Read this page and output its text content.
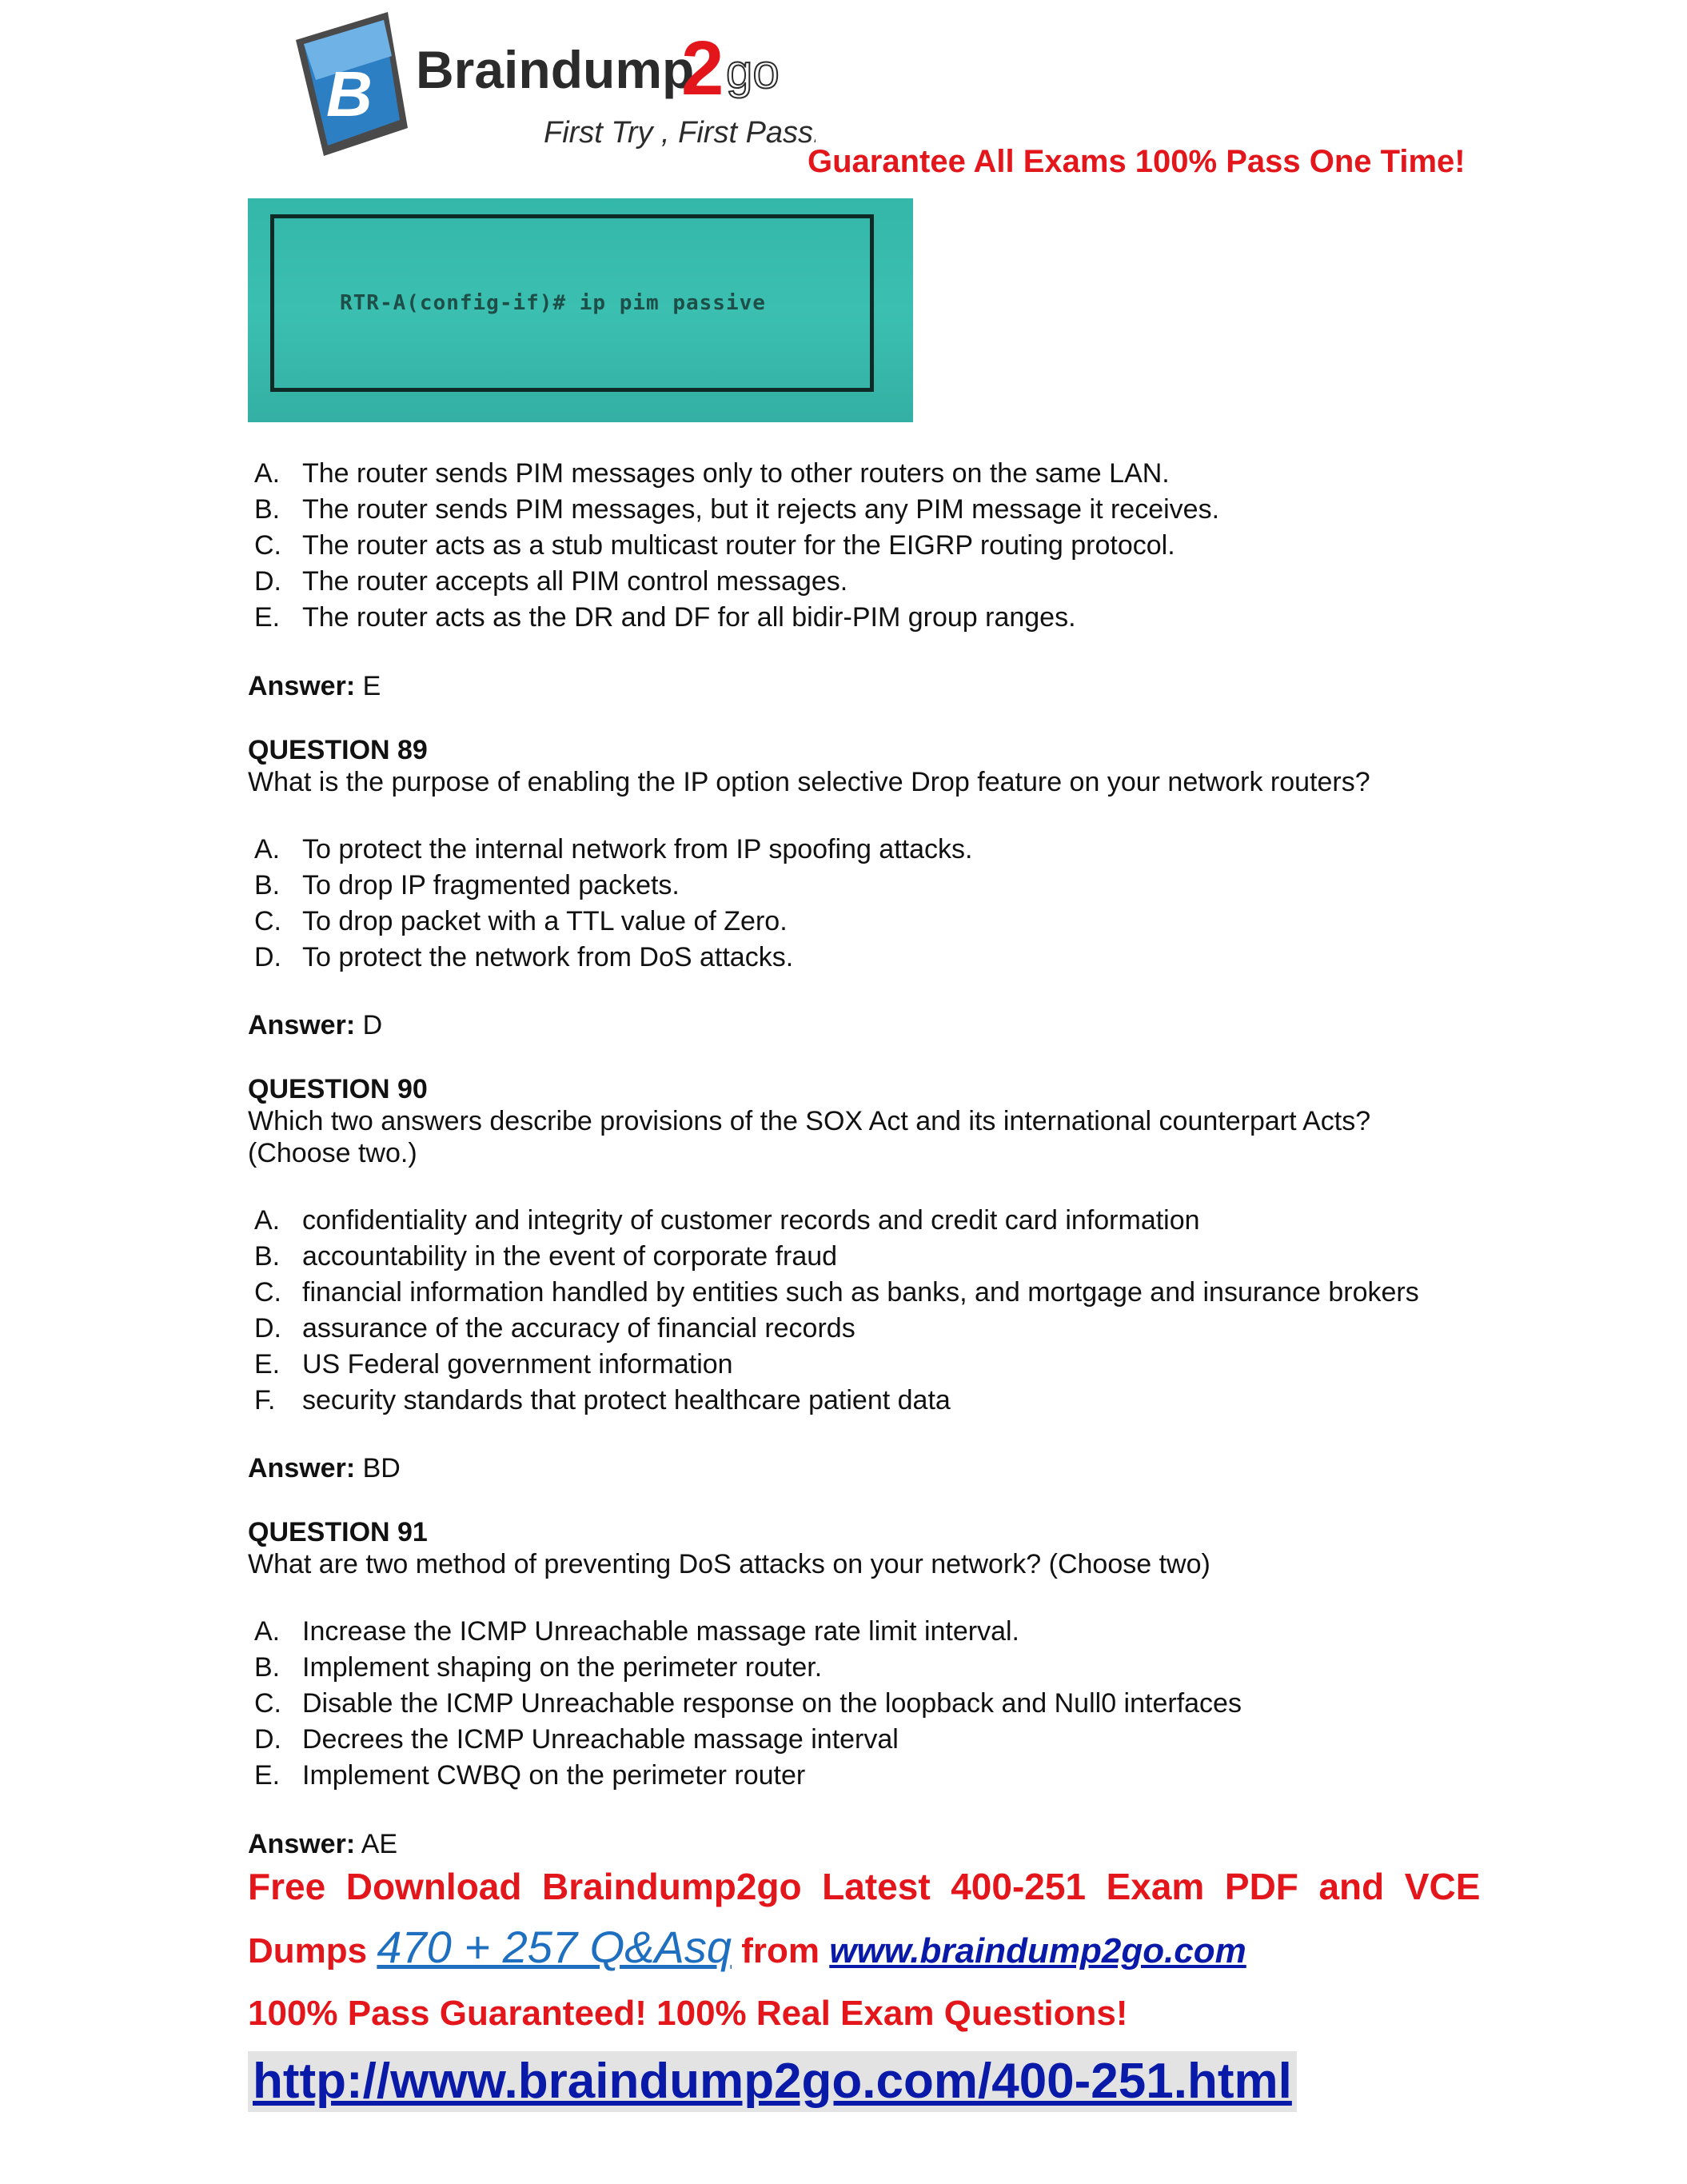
B Braindump
2 go
First Try , First Pass!
Guarantee All Exams 100% Pass One Time!
RTR-A(config-if)# ip pim passive
A. The router sends PIM messages only to other routers on the same LAN.
B. The router sends PIM messages, but it rejects any PIM message it receives.
C. The router acts as a stub multicast router for the EIGRP routing protocol.
D. The router accepts all PIM control messages.
E. The router acts as the DR and DF for all bidir-PIM group ranges.
Answer: E
QUESTION 89
What is the purpose of enabling the IP option selective Drop feature on your network routers?
A. To protect the internal network from IP spoofing attacks.
B. To drop IP fragmented packets.
C. To drop packet with a TTL value of Zero.
D. To protect the network from DoS attacks.
Answer: D
QUESTION 90
Which two answers describe provisions of the SOX Act and its international counterpart Acts?
(Choose two.)
A. confidentiality and integrity of customer records and credit card information
B. accountability in the event of corporate fraud
C. financial information handled by entities such as banks, and mortgage and insurance brokers
D. assurance of the accuracy of financial records
E. US Federal government information
F. security standards that protect healthcare patient data
Answer: BD
QUESTION 91
What are two method of preventing DoS attacks on your network? (Choose two)
A. Increase the ICMP Unreachable massage rate limit interval.
B. Implement shaping on the perimeter router.
C. Disable the ICMP Unreachable response on the loopback and Null0 interfaces
D. Decrees the ICMP Unreachable massage interval
E. Implement CWBQ on the perimeter router
Answer: AE
Free  Download  Braindump2go  Latest  400-251  Exam  PDF  and  VCE
Dumps 470 + 257 Q&Asq from www.braindump2go.com
100% Pass Guaranteed! 100% Real Exam Questions!
http://www.braindump2go.com/400-251.html
